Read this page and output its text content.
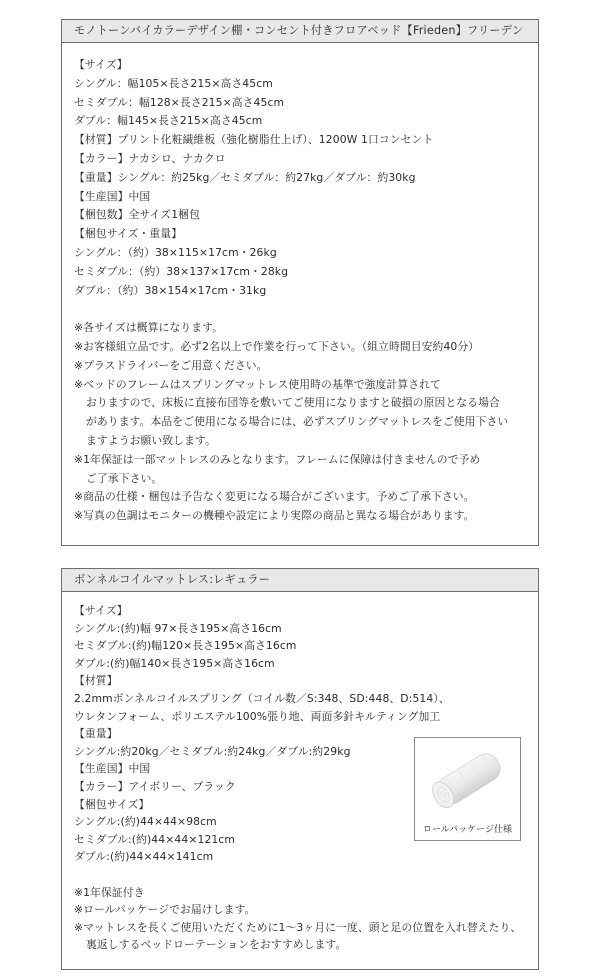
モノトーンバイカラーデザイン棚・コンセント付きフロアベッド【Frieden】フリーデン
【サイズ】
シングル：幅105×長さ215×高さ45cm
セミダブル：幅128×長さ215×高さ45cm
ダブル：幅145×長さ215×高さ45cm
【材質】プリント化粧繊維板（強化樹脂仕上げ）、1200W 1口コンセント
【カラー】ナカシロ、ナカクロ
【重量】シングル：約25kg／セミダブル：約27kg／ダブル：約30kg
【生産国】中国
【梱包数】全サイズ1梱包
【梱包サイズ・重量】
シングル：（約）38×115×17cm・26kg
セミダブル：（約）38×137×17cm・28kg
ダブル：（約）38×154×17cm・31kg
※各サイズは概算になります。
※お客様組立品です。必ず2名以上で作業を行って下さい。（組立時間目安約40分）
※プラスドライバーをご用意ください。
※ベッドのフレームはスプリングマットレス使用時の基準で強度計算されて
おりますので、床板に直接布団等を敷いてご使用になりますと破損の原因となる場合
があります。本品をご使用になる場合には、必ずスプリングマットレスをご使用下さい
ますようお願い致します。
※1年保証は一部マットレスのみとなります。フレームに保障は付きませんので予め
ご了承下さい。
※商品の仕様・梱包は予告なく変更になる場合がございます。予めご了承下さい。
※写真の色調はモニターの機種や設定により実際の商品と異なる場合があります。
ボンネルコイルマットレス:レギュラー
【サイズ】
シングル:(約)幅 97×長さ195×高さ16cm
セミダブル:(約)幅120×長さ195×高さ16cm
ダブル:(約)幅140×長さ195×高さ16cm
【材質】
2.2mmボンネルコイルスプリング（コイル数／S:348、SD:448、D:514）、
ウレタンフォーム、ポリエステル100%張り地、両面多針キルティング加工
【重量】
シングル:約20kg／セミダブル:約24kg／ダブル:約29kg
【生産国】中国
【カラー】アイボリー、ブラック
【梱包サイズ】
シングル:(約)44×44×98cm
セミダブル:(約)44×44×121cm
ダブル:(約)44×44×141cm
※1年保証付き
※ロールパッケージでお届けします。
※マットレスを長くご使用いただくために1〜3ヶ月に一度、頭と足の位置を入れ替えたり、
裏返しするベッドローテーションをおすすめします。
ロールパッケージ仕様
